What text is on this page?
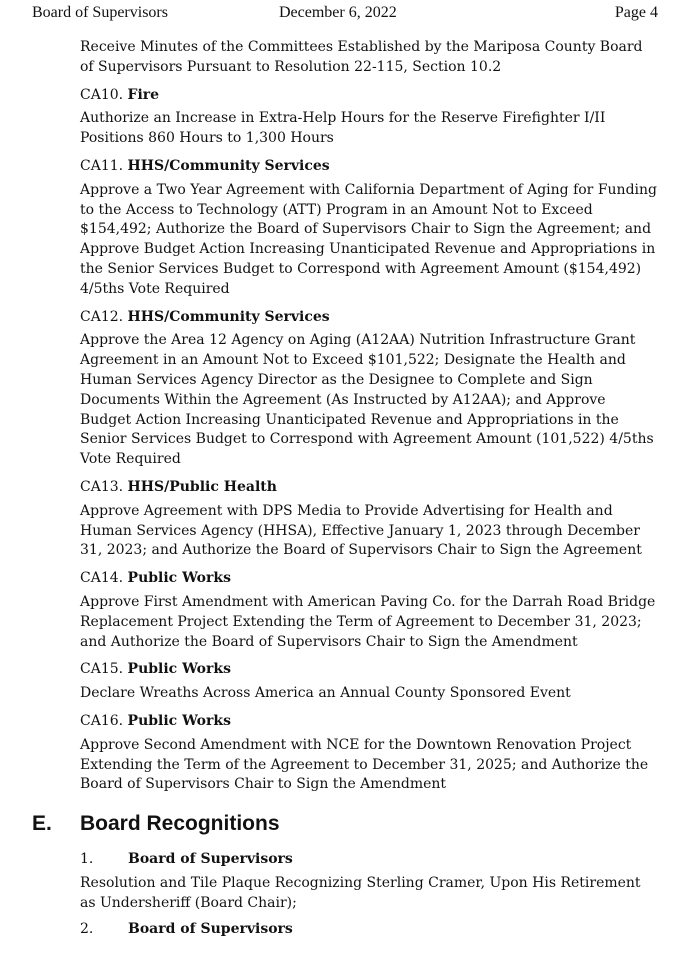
Board of Supervisors	December 6, 2022	Page 4

Receive Minutes of the Committees Established by the Mariposa County Board of Supervisors Pursuant to Resolution 22-115, Section 10.2

CA10. Fire

Authorize an Increase in Extra-Help Hours for the Reserve Firefighter I/II Positions 860 Hours to 1,300 Hours

CA11. HHS/Community Services

Approve a Two Year Agreement with California Department of Aging for Funding to the Access to Technology (ATT) Program in an Amount Not to Exceed $154,492; Authorize the Board of Supervisors Chair to Sign the Agreement; and Approve Budget Action Increasing Unanticipated Revenue and Appropriations in the Senior Services Budget to Correspond with Agreement Amount ($154,492) 4/5ths Vote Required

CA12. HHS/Community Services

Approve the Area 12 Agency on Aging (A12AA) Nutrition Infrastructure Grant Agreement in an Amount Not to Exceed $101,522; Designate the Health and Human Services Agency Director as the Designee to Complete and Sign Documents Within the Agreement (As Instructed by A12AA); and Approve Budget Action Increasing Unanticipated Revenue and Appropriations in the Senior Services Budget to Correspond with Agreement Amount (101,522) 4/5ths Vote Required

CA13. HHS/Public Health

Approve Agreement with DPS Media to Provide Advertising for Health and Human Services Agency (HHSA), Effective January 1, 2023 through December 31, 2023; and Authorize the Board of Supervisors Chair to Sign the Agreement

CA14. Public Works

Approve First Amendment with American Paving Co. for the Darrah Road Bridge Replacement Project Extending the Term of Agreement to December 31, 2023; and Authorize the Board of Supervisors Chair to Sign the Amendment

CA15. Public Works

Declare Wreaths Across America an Annual County Sponsored Event

CA16. Public Works

Approve Second Amendment with NCE for the Downtown Renovation Project Extending the Term of the Agreement to December 31, 2025; and Authorize the Board of Supervisors Chair to Sign the Amendment

E. Board Recognitions
1. Board of Supervisors

Resolution and Tile Plaque Recognizing Sterling Cramer, Upon His Retirement as Undersheriff (Board Chair);

2. Board of Supervisors
